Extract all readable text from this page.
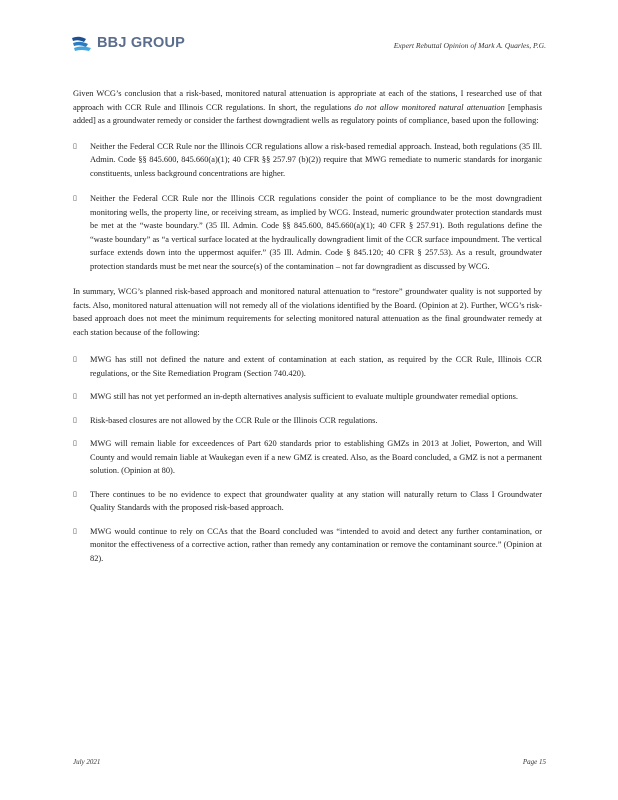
BBJ GROUP	Expert Rebuttal Opinion of Mark A. Quarles, P.G.

Given WCG’s conclusion that a risk-based, monitored natural attenuation is appropriate at each of the stations, I researched use of that approach with CCR Rule and Illinois CCR regulations. In short, the regulations do not allow monitored natural attenuation [emphasis added] as a groundwater remedy or consider the farthest downgradient wells as regulatory points of compliance, based upon the following:

▯ Neither the Federal CCR Rule nor the Illinois CCR regulations allow a risk-based remedial approach. Instead, both regulations (35 Ill. Admin. Code §§ 845.600, 845.660(a)(1); 40 CFR §§ 257.97 (b)(2)) require that MWG remediate to numeric standards for inorganic constituents, unless background concentrations are higher.
▯ Neither the Federal CCR Rule nor the Illinois CCR regulations consider the point of compliance to be the most downgradient monitoring wells, the property line, or receiving stream, as implied by WCG. Instead, numeric groundwater protection standards must be met at the “waste boundary.” (35 Ill. Admin. Code §§ 845.600, 845.660(a)(1); 40 CFR § 257.91). Both regulations define the “waste boundary” as “a vertical surface located at the hydraulically downgradient limit of the CCR surface impoundment. The vertical surface extends down into the uppermost aquifer.” (35 Ill. Admin. Code § 845.120; 40 CFR § 257.53). As a result, groundwater protection standards must be met near the source(s) of the contamination – not far downgradient as discussed by WCG.

In summary, WCG’s planned risk-based approach and monitored natural attenuation to “restore” groundwater quality is not supported by facts. Also, monitored natural attenuation will not remedy all of the violations identified by the Board. (Opinion at 2). Further, WCG’s risk-based approach does not meet the minimum requirements for selecting monitored natural attenuation as the final groundwater remedy at each station because of the following:

▯ MWG has still not defined the nature and extent of contamination at each station, as required by the CCR Rule, Illinois CCR regulations, or the Site Remediation Program (Section 740.420).
▯ MWG still has not yet performed an in-depth alternatives analysis sufficient to evaluate multiple groundwater remedial options.
▯ Risk-based closures are not allowed by the CCR Rule or the Illinois CCR regulations.
▯ MWG will remain liable for exceedences of Part 620 standards prior to establishing GMZs in 2013 at Joliet, Powerton, and Will County and would remain liable at Waukegan even if a new GMZ is created. Also, as the Board concluded, a GMZ is not a permanent solution. (Opinion at 80).
▯ There continues to be no evidence to expect that groundwater quality at any station will naturally return to Class I Groundwater Quality Standards with the proposed risk-based approach.
▯ MWG would continue to rely on CCAs that the Board concluded was “intended to avoid and detect any further contamination, or monitor the effectiveness of a corrective action, rather than remedy any contamination or remove the contaminant source.” (Opinion at 82).
July 2021	Page 15
